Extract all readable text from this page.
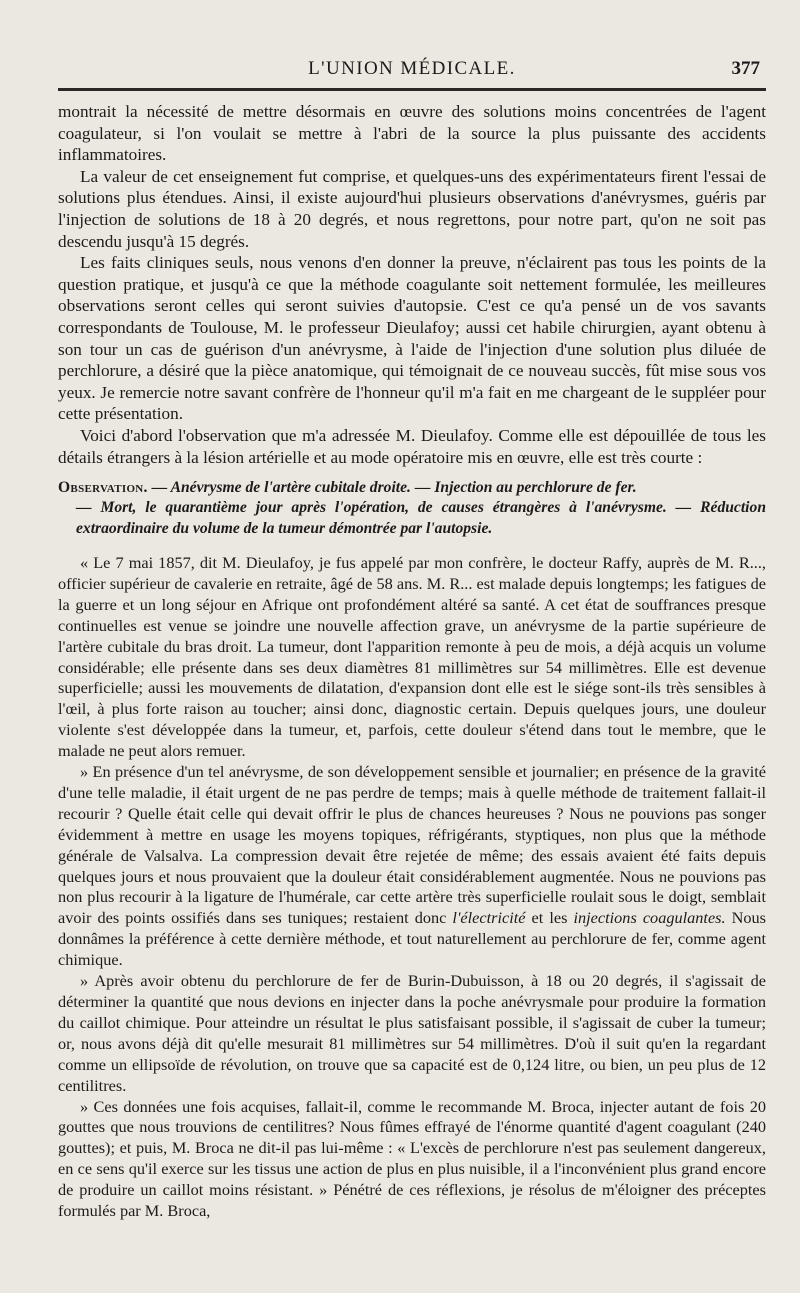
L'UNION MÉDICALE.	377

montrait la nécessité de mettre désormais en œuvre des solutions moins concentrées de l'agent coagulateur, si l'on voulait se mettre à l'abri de la source la plus puissante des accidents inflammatoires.

La valeur de cet enseignement fut comprise, et quelques-uns des expérimentateurs firent l'essai de solutions plus étendues. Ainsi, il existe aujourd'hui plusieurs observations d'anévrysmes, guéris par l'injection de solutions de 18 à 20 degrés, et nous regrettons, pour notre part, qu'on ne soit pas descendu jusqu'à 15 degrés.

Les faits cliniques seuls, nous venons d'en donner la preuve, n'éclairent pas tous les points de la question pratique, et jusqu'à ce que la méthode coagulante soit nettement formulée, les meilleures observations seront celles qui seront suivies d'autopsie. C'est ce qu'a pensé un de vos savants correspondants de Toulouse, M. le professeur Dieulafoy; aussi cet habile chirurgien, ayant obtenu à son tour un cas de guérison d'un anévrysme, à l'aide de l'injection d'une solution plus diluée de perchlorure, a désiré que la pièce anatomique, qui témoignait de ce nouveau succès, fût mise sous vos yeux. Je remercie notre savant confrère de l'honneur qu'il m'a fait en me chargeant de le suppléer pour cette présentation.

Voici d'abord l'observation que m'a adressée M. Dieulafoy. Comme elle est dépouillée de tous les détails étrangers à la lésion artérielle et au mode opératoire mis en œuvre, elle est très courte :

Observation. — Anévrysme de l'artère cubitale droite. — Injection au perchlorure de fer.
— Mort, le quarantième jour après l'opération, de causes étrangères à l'anévrysme. — Réduction extraordinaire du volume de la tumeur démontrée par l'autopsie.

« Le 7 mai 1857, dit M. Dieulafoy, je fus appelé par mon confrère, le docteur Raffy, auprès de M. R..., officier supérieur de cavalerie en retraite, âgé de 58 ans. M. R... est malade depuis longtemps; les fatigues de la guerre et un long séjour en Afrique ont profondément altéré sa santé. A cet état de souffrances presque continuelles est venue se joindre une nouvelle affection grave, un anévrysme de la partie supérieure de l'artère cubitale du bras droit. La tumeur, dont l'apparition remonte à peu de mois, a déjà acquis un volume considérable; elle présente dans ses deux diamètres 81 millimètres sur 54 millimètres. Elle est devenue superficielle; aussi les mouvements de dilatation, d'expansion dont elle est le siége sont-ils très sensibles à l'œil, à plus forte raison au toucher; ainsi donc, diagnostic certain. Depuis quelques jours, une douleur violente s'est développée dans la tumeur, et, parfois, cette douleur s'étend dans tout le membre, que le malade ne peut alors remuer.

» En présence d'un tel anévrysme, de son développement sensible et journalier; en présence de la gravité d'une telle maladie, il était urgent de ne pas perdre de temps; mais à quelle méthode de traitement fallait-il recourir ? Quelle était celle qui devait offrir le plus de chances heureuses ? Nous ne pouvions pas songer évidemment à mettre en usage les moyens topiques, réfrigérants, styptiques, non plus que la méthode générale de Valsalva. La compression devait être rejetée de même; des essais avaient été faits depuis quelques jours et nous prouvaient que la douleur était considérablement augmentée. Nous ne pouvions pas non plus recourir à la ligature de l'humérale, car cette artère très superficielle roulait sous le doigt, semblait avoir des points ossifiés dans ses tuniques; restaient donc l'électricité et les injections coagulantes. Nous donnâmes la préférence à cette dernière méthode, et tout naturellement au perchlorure de fer, comme agent chimique.

» Après avoir obtenu du perchlorure de fer de Burin-Dubuisson, à 18 ou 20 degrés, il s'agissait de déterminer la quantité que nous devions en injecter dans la poche anévrysmale pour produire la formation du caillot chimique. Pour atteindre un résultat le plus satisfaisant possible, il s'agissait de cuber la tumeur; or, nous avons déjà dit qu'elle mesurait 81 millimètres sur 54 millimètres. D'où il suit qu'en la regardant comme un ellipsoïde de révolution, on trouve que sa capacité est de 0,124 litre, ou bien, un peu plus de 12 centilitres.

» Ces données une fois acquises, fallait-il, comme le recommande M. Broca, injecter autant de fois 20 gouttes que nous trouvions de centilitres? Nous fûmes effrayé de l'énorme quantité d'agent coagulant (240 gouttes); et puis, M. Broca ne dit-il pas lui-même : « L'excès de perchlorure n'est pas seulement dangereux, en ce sens qu'il exerce sur les tissus une action de plus en plus nuisible, il a l'inconvénient plus grand encore de produire un caillot moins résistant. » Pénétré de ces réflexions, je résolus de m'éloigner des préceptes formulés par M. Broca,
